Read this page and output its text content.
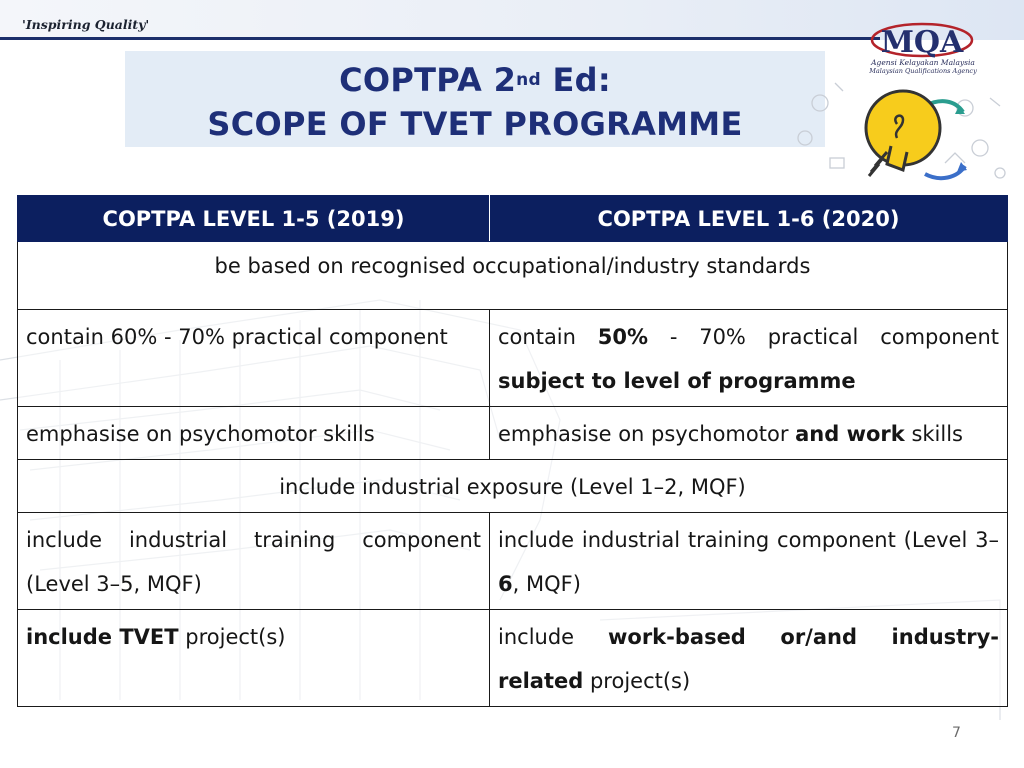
'Inspiring Quality'
COPTPA 2nd Ed:
SCOPE OF TVET PROGRAMME
MQA
Agensi Kelayakan Malaysia
Malaysian Qualifications Agency
COPTPA LEVEL 1-5 (2019)	COPTPA LEVEL 1-6 (2020)
be based on recognised occupational/industry standards	
contain 60% - 70% practical component	contain 50% - 70% practical component subject to level of programme
emphasise on psychomotor skills	emphasise on psychomotor and work skills
include industrial exposure (Level 1–2, MQF)	
include industrial training component (Level 3–5, MQF)	include industrial training component (Level 3–6, MQF)
include TVET project(s)	include work-based or/and industry-related project(s)
7
